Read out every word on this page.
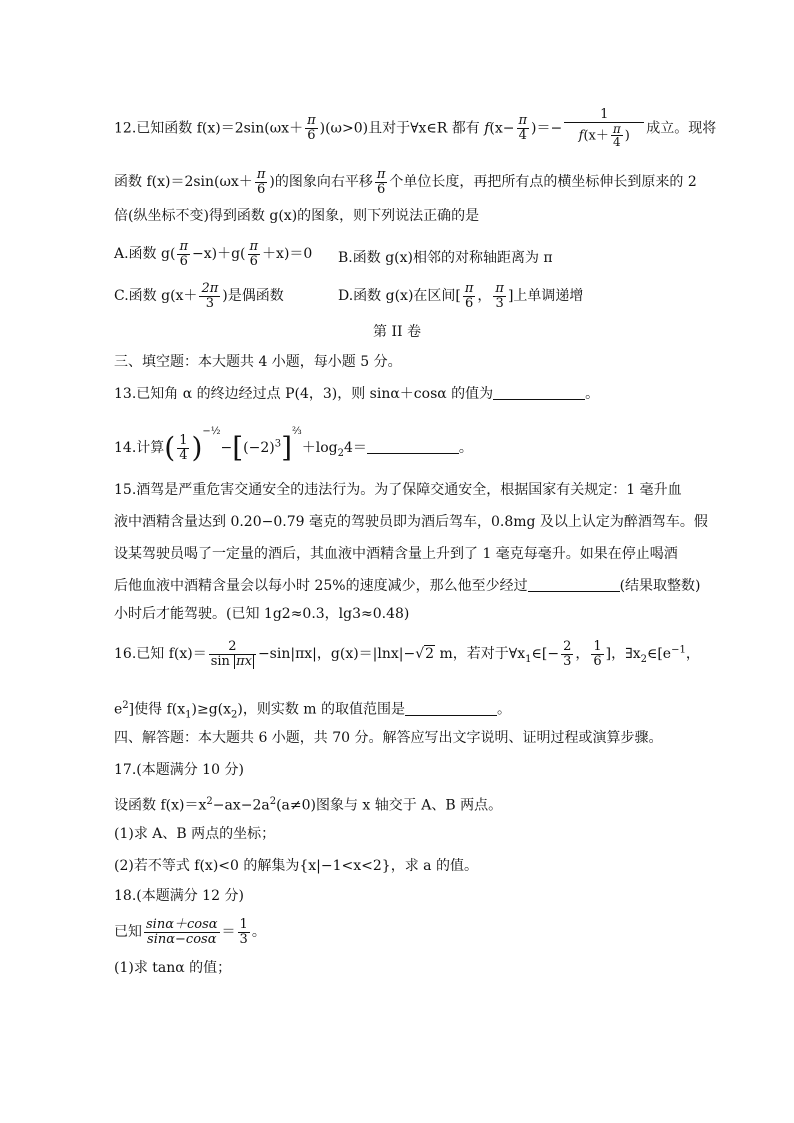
12.已知函数 $f(x)=2\sin(\omega x+ \frac{\pi}{6} )(\omega>0)$且对于∀x∈R 都有 $f(x- \frac{\pi}{4}$ )＝− $\frac{1}{f(x+ \frac{\pi}{4} )}$ 成立。现将
函数 $f(x)=2\sin(\omega x+ \frac{\pi}{6}$ )的图象向右平移 $\frac{\pi}{6}$ 个单位长度，再把所有点的横坐标伸长到原来的 2
倍(纵坐标不变)得到函数 g(x)的图象，则下列说法正确的是
A.函数 $g( \frac{\pi}{6} -x)+g( \frac{\pi}{6} +x)=0$ B.函数 g(x)相邻的对称轴距离为 π
C.函数 $g(x+ \frac{2\pi}{3}$ )是偶函数	D.函数 g(x)在区间[ $\frac{\pi}{6}$ ， $\frac{\pi}{3}$ ]上单调递增
第 II 卷
三、填空题：本大题共 4 小题，每小题 5 分。
13.已知角 α 的终边经过点 P(4，3)，则 sinα＋cosα 的值为	。
14.计算( $\frac{1}{4} )^{-\frac{1}{2}}-[(-2)^3]^{\frac{2}{3}}+\log_24=$	。
15.酒驾是严重危害交通安全的违法行为。为了保障交通安全，根据国家有关规定：1 毫升血
液中酒精含量达到 0.20−0.79 毫克的驾驶员即为酒后驾车，0.8mg 及以上认定为醉酒驾车。假
设某驾驶员喝了一定量的酒后，其血液中酒精含量上升到了 1 毫克每毫升。如果在停止喝酒
后他血液中酒精含量会以每小时 25%的速度减少，那么他至少经过	(结果取整数)
小时后才能驾驶。(已知 1g2≈0.3，lg3≈0.48)
16.已知 $f(x)= \frac{2}{\text{sin πx}} -\sin|\pi x|$，g(x)＝|lnx|−√2 m，若对于$\forall x_1\in[- \frac{2}{3}$ ， $\frac{1}{6}$ ]，$\exists x_2\in[e^{-1}$，
$e^2$]使得 $f(x_1)\ge g(x_2)$，则实数 m 的取值范围是	。
四、解答题：本大题共 6 小题，共 70 分。解答应写出文字说明、证明过程或演算步骤。
17.(本题满分 10 分)
设函数 $f(x)=x^2-ax-2a^2(a\ne 0)$图象与 x 轴交于 A、B 两点。
(1)求 A、B 两点的坐标；
(2)若不等式 f(x)<0 的解集为{x|−1<x<2}，求 a 的值。
18.(本题满分 12 分)
已知 $\frac{\sin\alpha+\cos\alpha}{\sin\alpha-\cos\alpha} = \frac{1}{3}$ 。
(1)求 tanα 的值；
